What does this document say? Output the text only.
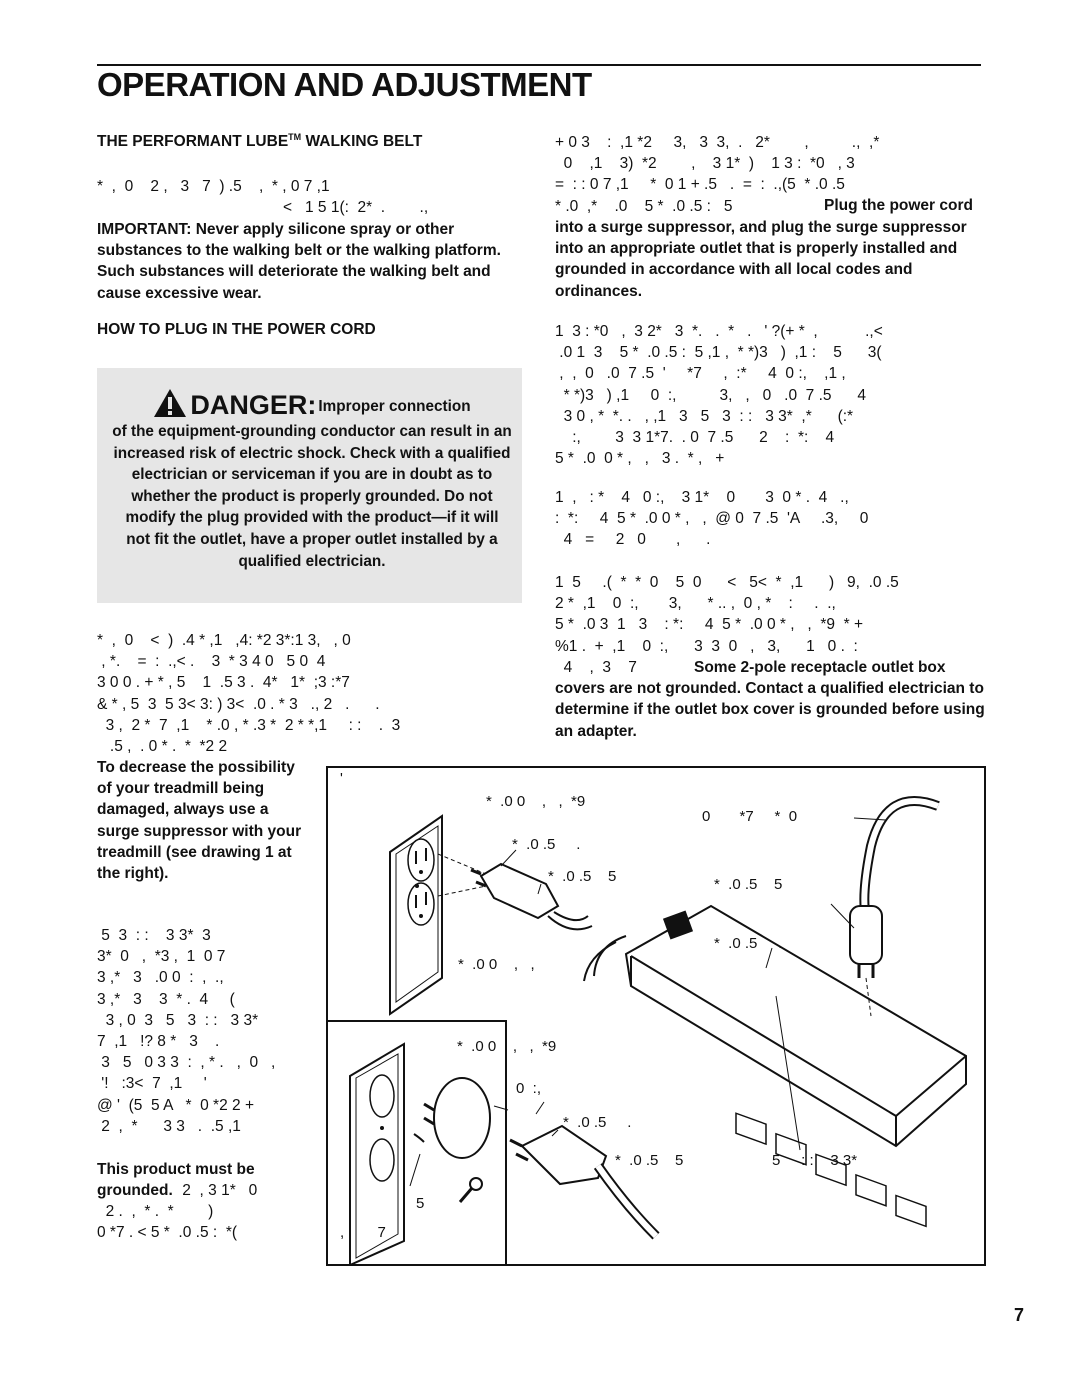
OPERATION AND ADJUSTMENT
THE PERFORMANT LUBE™ WALKING BELT
*  ,  0    2 ,   3   7  ) .5    ,  * , 0 7 ,1
<   1 5 1(:  2*  .        .,
IMPORTANT: Never apply silicone spray or other substances to the walking belt or the walking platform. Such substances will deteriorate the walking belt and cause excessive wear.
HOW TO PLUG IN THE POWER CORD
DANGER: Improper connection
of the equipment-grounding conductor can result in an increased risk of electric shock. Check with a qualified electrician or serviceman if you are in doubt as to whether the product is properly grounded. Do not modify the plug provided with the product—if it will not fit the outlet, have a proper outlet installed by a qualified electrician.
*  ,  0    <  )  .4 * ,1   ,4: *2 3*:1 3,   , 0
, *.    =  :  .,< .    3  * 3 4 0   5 0  4
3 0 0 . + * , 5    1  .5 3 .  4*   1*  ;3 :*7
& * , 5  3  5 3< 3: ) 3<  .0 . * 3   ., 2   .      .
3 ,  2 *  7  ,1    * .0 , * .3 *  2 * *,1     : :    .  3
.5 ,  . 0 * .  *  *2 2
To decrease the possibility of your treadmill being damaged, always use a surge suppressor with your treadmill (see drawing 1 at the right).
5  3  : :    3 3*  3
3*  0   ,  *3 ,  1  0 7
3 ,*   3   .0 0  :  ,  .,
3 ,*   3    3  * .  4     (
3 , 0  3   5   3  : :   3 3*
7  ,1   !? 8 *   3    .
3   5   0 3 3  :  , * .   ,  0   ,
'!   :3<  7  ,1     '
@ '  (5  5 A   *  0 *2 2 +
2  ,  *      3 3   .  .5 ,1
This product must be grounded. 2  , 3 1*   0
2 .  ,  * .  *        )
0 *7 . < 5 *  .0 .5 :  *(
+ 0 3    :  ,1 *2     3,   3  3,  .   2*        ,          .,  ,*
0    ,1    3)  *2        ,    3 1*  )    1 3 :  *0   , 3
=  : : 0 7 ,1     *  0 1 + .5   .  =  :  .,(5  * .0 .5
* .0  ,*    .0    5 *  .0 .5 :   5	Plug the power cord
into a surge suppressor, and plug the surge suppressor into an appropriate outlet that is properly installed and grounded in accordance with all local codes and ordinances.
1  3 : *0   ,  3 2*   3  *.   .  *   .   ' ?(+ *  ,           .,<
.0 1  3    5 *  .0 .5 :  5 ,1 ,  * *)3   )  ,1 :    5      3(
,  ,  0   .0  7 .5  '     *7     ,  :*     4  0 :,    ,1 ,
* *)3   ) ,1     0  :,          3,   ,   0   .0  7 .5      4
3 0 , *  *. .   , ,1   3   5   3  : :   3 3*  ,*      (:*
:,        3  3 1*7.  . 0  7 .5      2    :  *:    4
5 *  .0  0 * ,   ,   3 .  * ,   +
1  ,   : *    4   0 :,    3 1*    0       3  0 * .  4   .,
:  *:     4  5 *  .0 0 * ,   ,  @ 0  7 .5  'A     .3,     0
4   =     2   0       ,      .
1  5     .(  *  *  0    5  0      <   5<  *  ,1      )   9,  .0 .5
2 *  ,1    0  :,       3,      * .. ,  0 , *    :     .  .,
5 *  .0 3  1   3    : *:     4  5 *  .0 0 * ,   ,  *9  * +
%1 .  +  ,1    0  :,      3  3  0   ,   3,      1   0 .  :
4    ,  3    7	Some 2-pole receptacle outlet box covers are not grounded. Contact a qualified electrician to determine if the outlet box cover is grounded before using an adapter.
'
*  .0 0    ,   ,  *9
*  .0 .5     .
*  .0 .5    5
0       *7     *  0
*  .0 .5    5
*  .0 .5     .
*  .0 0    ,   ,
*  .0 0    ,   ,  *9
0  :,
*  .0 .5     .
*  .0 .5    5	5     : :    3 3*
5
,        7
7
